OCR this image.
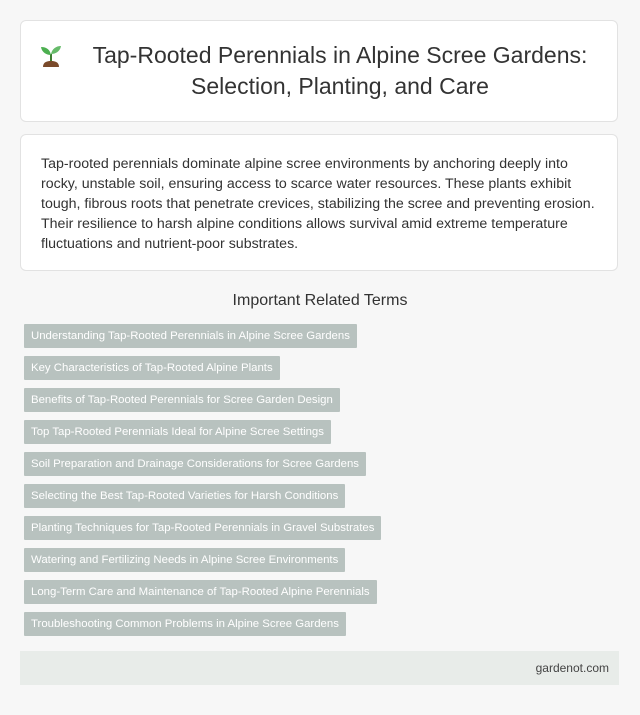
Tap-Rooted Perennials in Alpine Scree Gardens: Selection, Planting, and Care

Tap-rooted perennials dominate alpine scree environments by anchoring deeply into rocky, unstable soil, ensuring access to scarce water resources. These plants exhibit tough, fibrous roots that penetrate crevices, stabilizing the scree and preventing erosion. Their resilience to harsh alpine conditions allows survival amid extreme temperature fluctuations and nutrient-poor substrates.

Important Related Terms
Understanding Tap-Rooted Perennials in Alpine Scree Gardens
Key Characteristics of Tap-Rooted Alpine Plants
Benefits of Tap-Rooted Perennials for Scree Garden Design
Top Tap-Rooted Perennials Ideal for Alpine Scree Settings
Soil Preparation and Drainage Considerations for Scree Gardens
Selecting the Best Tap-Rooted Varieties for Harsh Conditions
Planting Techniques for Tap-Rooted Perennials in Gravel Substrates
Watering and Fertilizing Needs in Alpine Scree Environments
Long-Term Care and Maintenance of Tap-Rooted Alpine Perennials
Troubleshooting Common Problems in Alpine Scree Gardens
gardenot.com
